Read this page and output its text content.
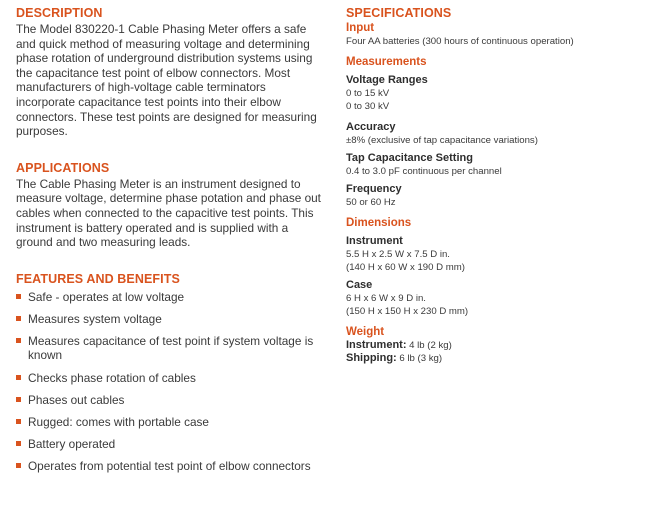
DESCRIPTION

The Model 830220-1 Cable Phasing Meter offers a safe and quick method of measuring voltage and determining phase rotation of underground distribution systems using the capacitance test point of elbow connectors. Most manufacturers of high-voltage cable terminators incorporate capacitance test points into their elbow connectors. These test points are designed for measuring purposes.

APPLICATIONS

The Cable Phasing Meter is an instrument designed to measure voltage, determine phase potation and phase out cables when connected to the capacitive test points. This instrument is battery operated and is supplied with a ground and two measuring leads.

FEATURES AND BENEFITS
Safe - operates at low voltage
Measures system voltage
Measures capacitance of test point if system voltage is known
Checks phase rotation of cables
Phases out cables
Rugged: comes with portable case
Battery operated
Operates from potential test point of elbow connectors
SPECIFICATIONS
Input

Four AA batteries (300 hours of continuous operation)

Measurements

Voltage Ranges

0 to 15 kV

0 to 30 kV

Accuracy

±8% (exclusive of tap capacitance variations)

Tap Capacitance Setting

0.4 to 3.0 pF continuous per channel

Frequency

50 or 60 Hz

Dimensions

Instrument

5.5 H x 2.5 W x 7.5 D in.

(140 H x 60 W x 190 D mm)

Case

6 H x 6 W x 9 D in.

(150 H x 150 H x 230 D mm)

Weight

Instrument: 4 lb (2 kg)

Shipping: 6 lb (3 kg)
